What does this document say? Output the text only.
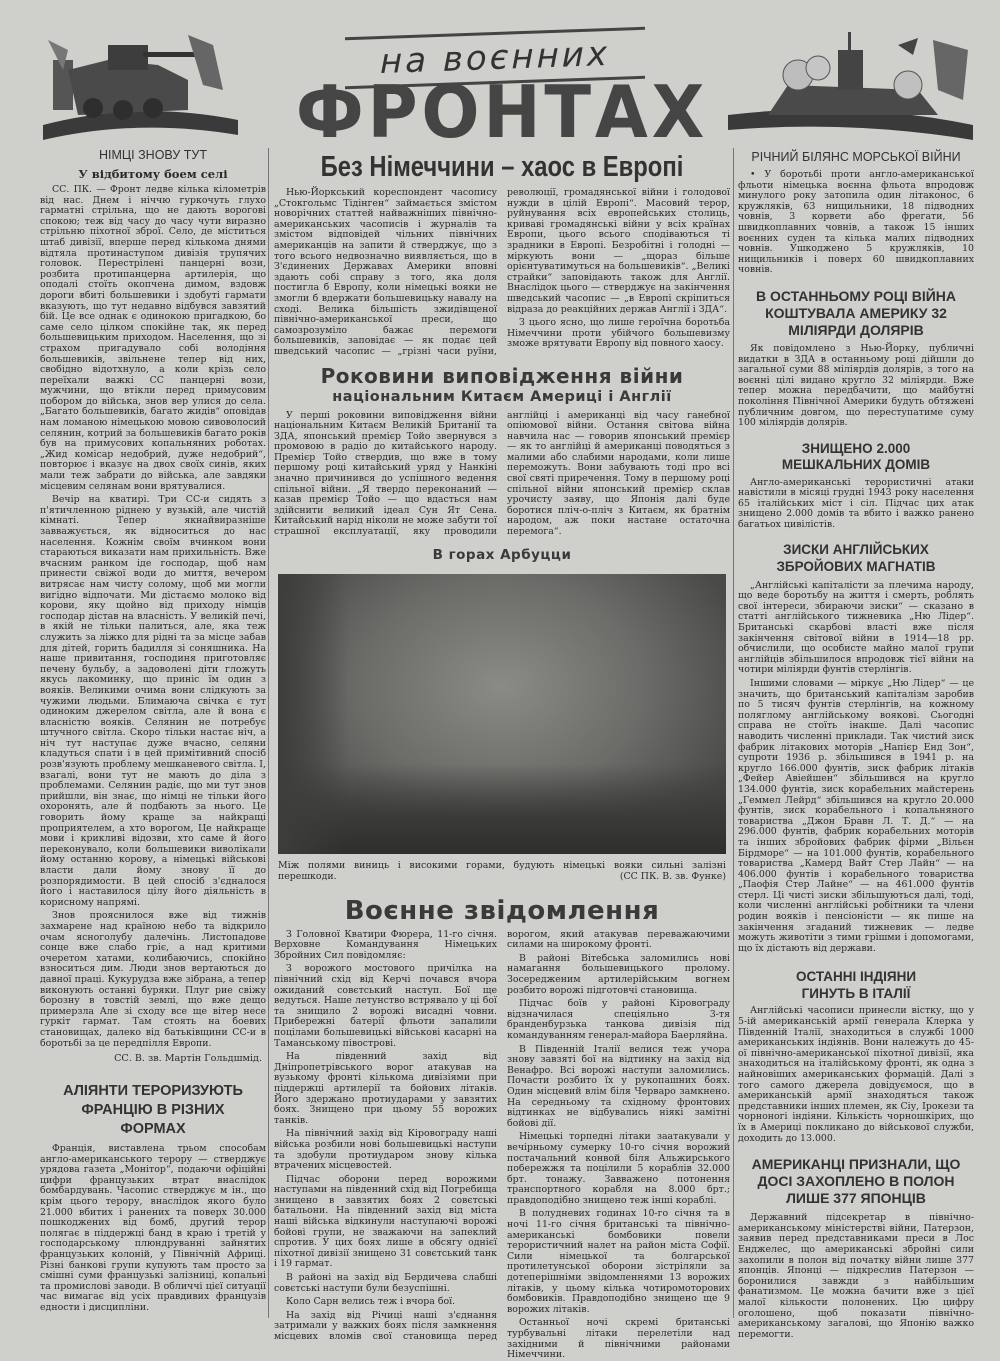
на воєнних
ФРОНТАХ
НІМЦІ ЗНОВУ ТУТ
У відбитому боем селі

СС. ПК. — Фронт ледве кілька кілометрів від нас. Днем і ніччю гуркочуть глухо гарматні стрільна, що не дають ворогові спокою; теж від часу до часу чути виразно стрільню піхотної зброї. Село, де міститься штаб дивізії, вперше перед кількома днями відтяла протинаступом дивізія трупячих головок. Перестрілені панцерні вози, розбита протипанцерна артилерія, що оподалі стоїть окопчена димом, вздовж дороги вбиті большевики і здобуті гармати вказують, що тут недавно відбувся завзятий бій. Це все однак є одинокою пригадкою, бо саме село цілком спокійне так, як перед большевицьким приходом. Населення, що зі страхом пригадувало собі володіння большевиків, звільнене тепер від них, свобідно відотхнуло, а коли крізь село переїхали важкі СС панцерні вози, мужчини, що втікли перед примусовим побором до війська, знов вер улися до села. „Багато большевиків, багато жидів“ оповідав нам ломаною німецькою мовою сивоволосий селянин, котрий за большевиків багато років був на примусових копальняних роботах. „Жид комісар недобрий, дуже недобрий“, повторює і вказує на двох своїх синів, яких мали теж забрати до війська, але завдяки місцевим селянам вони врятувалися.

Вечір на кватирі. Три СС-и сидять з п'ятичленною ріднею у вузькій, але чистій кімнаті. Тепер якнайвиразніше завважується, як відноситься до нас населення. Кожнім своїм вчинком вони стараються виказати нам прихильність. Вже вчасним ранком іде господар, щоб нам принести свіжої води до миття, вечером витрясає нам чисту солому, щоб ми могли вигідно відпочати. Ми дістаємо молоко від корови, яку щойно від приходу німців господар дістав на власність. У великій печі, в якій не тільки палиться, але, яка теж служить за ліжко для рідні та за місце забав для дітей, горить бадилля зі соняшника. На наше привитання, господиня приготовляє печену бульбу, а задоволені діти гложуть якусь лакоминку, що приніс їм один з вояків. Великими очима вони слідкують за чужими людьми. Блимаюча свічка є тут одиноким джерелом світла, але й вона є власністю вояків. Селянин не потребує штучного світла. Скоро тільки настає ніч, а ніч тут наступає дуже вчасно, селяни кладуться спати і в цей примітивний спосіб розв'язують проблему мешканевого світла. І, взагалі, вони тут не мають до діла з проблемами. Селянин радіє, що ми тут знов прийшли, він знає, що німці не тільки його охоронять, але й подбають за нього. Це говорить йому краще за найкращі проприятелем, а хто ворогом, Це найкраще мови і крикливі відозви, хто саме й його переконувало, коли большевики виволікали йому останню корову, а німецькі військові власти дали йому знову її до розпорядимости. В цей спосіб з'єдналося його і наставилося цілу його діяльність в корисному напрямі.

Знов прояснилося вже від тижнів захмарене над країною небо та відкрило очам ясноголубу далечінь. Листопадове сонце вже слабо гріє, а над критими очеретом хатами, колибаючись, спокійно взноситься дим. Люди знов вертаються до давної праці. Кукурудза вже зібрана, а тепер виконують останні буряки. Плуг рие свіжу борозну в товстій землі, що вже дещо примерзла Але зі сходу все ще вітер несе гуркіт гармат. Там стоять на боевих становищах, далеко від батьківщини СС-и в боротьбі за це передпілля Европи.

СС. В. зв. Мартін Гольдшмід.
АЛІЯНТИ ТЕРОРИЗУЮТЬ ФРАНЦІЮ В РІЗНИХ ФОРМАХ

Франція, виставлена трьом способам англо-американського терору — стверджує урядова газета „Монітор“, подаючи офіційні цифри французьких втрат внаслідок бомбардувань. Часопис стверджує м ін., що крім цього терору, внаслідок якого було 21.000 вбитих і ранених та поверх 30.000 пошкоджених від бомб, другий терор полягає в піддержці банд в краю і третій у господарському плюндруванні зайнятих французьких колоній, у Північній Африці. Різні банкові групи купують там просто за смішні суми французькі залізниці, копальні та промислові заводи. В обличчі цієї ситуації час вимагає від усіх правдивих французів едности і дисципліни.

Без Німеччини – хаос в Европі

Нью-Йоркський кореспондент часопису „Стокгольмс Тідінген“ займається змістом новорічних статтей найважніших північно-американських часописів і журналів та змістом відповідей чільних північних американців на запити й стверджує, що з того всього недвозначно виявляється, що в З'єдинених Державах Америки вповні здають собі справу з того, яка доля постигла б Европу, коли німецькі вояки не змогли б вдержати большевицьку навалу на сході. Велика більшість зжидівщеної північно-американської преси, що самозрозуміло бажає перемоги большевиків, заповідає — як подає цей шведський часопис — „грізні часи руїни, революції, громадянської війни і голодової нужди в цілій Европі“. Масовий терор, руйнування всіх европейських столиць, криваві громадянські війни у всіх країнах Европи, цього всього сподіваються ті зрадники в Европі. Безробітні і голодні — міркують вони — „щораз більше орієнтуватимуться на большевиків“. „Великі страйки“ заповідають також для Англії. Внаслідок цього — стверджує на закінчення шведський часопис — „в Европі скріпиться відраза до реакційних держав Англії і ЗДА“.

З цього ясно, що лише героїчна боротьба Німеччини проти убійчого большевизму зможе врятувати Европу від повного хаосу.

Роковини виповідження війни
національним Китаєм Америці і Англії

У перші роковини виповідження війни національним Китаєм Великій Британії та ЗДА, японський премієр Тойо звернувся з промовою в радіо до китайського народу. Премієр Тойо ствердив, що вже в тому першому році китайський уряд у Нанкіні значно причинився до успішного ведення спільної війни. „Я твердо переконаний — казав премієр Тойо — що вдасться нам здійснити великий ідеал Сун Ят Сена. Китайський нарід ніколи не може забути тої страшної експлуатації, яку проводили англійці і американці від часу ганебної опіюмової війни. Остання світова війна навчила нас — говорив японський премієр — як то англійці й американці поводяться з малими або слабими народами, коли лише переможуть. Вони забувають тоді про всі свої святі приречення. Тому в першому році спільної війни японський премієр склав урочисту заяву, що Японія далі буде боротися пліч-о-пліч з Китаєм, як братнім народом, аж поки настане остаточна перемога“.

В горах Арбуцци
Між полями виниць і високими горами, будують німецькі вояки сильні залізні перешкоди.	(СС ПК. В. зв. Функе)
Воєнне звідомлення

З Головної Кватири Фюрера, 11-го січня. Верховне Командування Німецьких Збройних Сил повідомляє:

З ворожого мостового причілка на північний схід від Керчі почався вчора ожиданий совєтський наступ. Бої ще ведуться. Наше летунство встрявало у ці бої та знищило 2 ворожі висадні човни. Прибережні батерії фльоти запалили поцілами большевицькі військові касарні на Таманському півострові.

На південний захід від Дніпропетрівського ворог атакував на вузькому фронті кількома дивізіями при піддержці артилерії та бойових літаків. Його здержано протиударами у завзятих боях. Знищено при цьому 55 ворожих танків.

На північний захід від Кіровограду наші війська розбили нові большевицькі наступи та здобули протиударом знову кілька втрачених місцевостей.

Підчас оборони перед ворожими наступами на південний схід від Погребища знищено в завзятих боях 2 совєтські батальони. На південний захід від міста наші війська відкинули наступаючі ворожі бойові групи, не зважаючи на запеклий спротив. У цих боях лише в обсягу однієї піхотної дивізії знищено 31 совєтський танк і 19 гармат.

В районі на захід від Бердичева слабші совєтські наступи були безуспішні.

Коло Сарн велись теж і вчора бої.

На захід від Річиці наші з'єднання затримали у важких боях після замкнення місцевих вломів свої становища перед ворогом, який атакував переважаючими силами на широкому фронті.

В районі Вітебська заломились нові намагання большевицького пролому. Зосередженим артилерійським вогнем розбито ворожі підготовчі становища.

Підчас боїв у районі Кіровограду відзначилася спеціяльно 3-тя бранденбурзька танкова дивізія під командуванням генерал-майора Баерляйна.

В Південній Італії велися теж учора знову завзяті бої на відтинку на захід від Венафро. Всі ворожі наступи заломились. Почасти розбито їх у рукопашних боях. Один місцевий влім біля Черваро замкнено. На середньому та східному фронтових відтинках не відбувались ніякі замітні бойові дії.

Німецькі торпедні літаки заатакували у вечірньому сумерку 10-го січня ворожий постачальний конвой біля Альжирського побережжя та поцілили 5 кораблів 32.000 брт. тонажу. Завважено потонення транспортного корабля на 8.000 брт.; правдоподібно знищено теж інші кораблі.

В полудневих годинах 10-го січня та в ночі 11-го січня британські та північно-американські бомбовики повели терористичний налет на район міста Софії. Сили німецької та болгарської протилетунської оборони зістріляли за дотеперішніми звідомленнями 13 ворожих літаків, у цьому кілька чотиромоторових бомбовиків. Правдоподібно знищено ще 9 ворожих літаків.

Останньої ночі скремі британські турбувальні літаки перелетіли над західними й північними районами Німеччини.

РІЧНИЙ БІЛЯНС МОРСЬКОЇ ВІЙНИ

• У боротьбі проти англо-американської фльоти німецька воєнна фльота впродовж минулого року затопила один літаконос, 6 кружляків, 63 нищильники, 18 підводних човнів, 3 корвети або фрегати, 56 швидкоплавних човнів, а також 15 інших воєнних суден та кілька малих підводних човнів. Ушкоджено 5 кружляків, 10 нищильників і поверх 60 швидкоплавних човнів.

В ОСТАННЬОМУ РОЦІ ВІЙНА КОШТУВАЛА АМЕРИКУ 32 МІЛІЯРДИ ДОЛЯРІВ

Як повідомлено з Нью-Йорку, публичні видатки в ЗДА в останньому році дійшли до загальної суми 88 міліярдів долярів, з того на воєнні цілі видано кругло 32 міліярди. Вже тепер можна передбачити, що майбутні покоління Північної Америки будуть обтяжені публичним довгом, що переступатиме суму 100 міліярдів долярів.

ЗНИЩЕНО 2.000 МЕШКАЛЬНИХ ДОМІВ

Англо-американські терористичні атаки навістили в місяці грудні 1943 року населення 65 італійських міст і сіл. Підчас цих атак знищено 2.000 домів та вбито і важко ранено багатьох цивілістів.

ЗИСКИ АНГЛІЙСЬКИХ ЗБРОЙОВИХ МАГНАТІВ

„Англійські капіталісти за плечима народу, що веде боротьбу на життя і смерть, роблять свої інтереси, збираючи зиски“ — сказано в статті англійського тижневика „Ню Лідер“. Британські скарбові власті вже після закінчення світової війни в 1914—18 рр. обчислили, що особисте майно малої групи англійців збільшилося впродовж тієї війни на чотири міліярди фунтів стерлінгів.

Іншими словами — міркує „Ню Лідер“ — це значить, що британський капіталізм заробив по 5 тисяч фунтів стерлінгів, на кожному поляглому англійському воякові. Сьогодні справа не стоїть інакше. Далі часопис наводить численні приклади. Так чистий зиск фабрик літакових моторів „Напієр Енд Зон“, супроти 1936 р. збільшився в 1941 р. на кругло 166.000 фунтів, зиск фабрик літаків „Фейер Авіейшен“ збільшився на кругло 134.000 фунтів, зиск корабельних майстерень „Геммел Лейрд“ збільшився на кругло 20.000 фунтів, зиск корабельного і копальняного товариства „Джон Бравн Л. Т. Д.“ — на 296.000 фунтів, фабрик корабельних моторів та інших збройових фабрик фірми „Вільєн Бірдморе“ — на 101.000 фунтів, корабельного товариства „Камерд Вайт Стер Лайн“ — на 406.000 фунтів і корабельного товариства „Паофія Стер Лайне“ — на 461.000 фунтів стерл. Ці чисті зиски збільшуються далі, тоді, коли численні англійські робітники та члени родин вояків і пенсіоністи — як пише на закінчення згаданий тижневик — ледве можуть животіти з тими грішми і допомогами, що їх дістають від держави.

ОСТАННІ ІНДІЯНИ ГИНУТЬ В ІТАЛІЇ

Англійські часописи принесли вістку, що у 5-ій американській армії генерала Клерка у Південній Італії, знаходиться в службі 1000 американських індіянів. Вони належуть до 45-ої північно-американської піхотної дивізії, яка знаходиться на італійському фронті, як одна з найновіших американських формацій. Далі з того самого джерела довідуємося, що в американській армії знаходяться також представники інших племен, як Сіу, Ірокези та чорноногі індіяни. Кількість чорношкірих, що їх в Америці покликано до військової служби, доходить до 13.000.

АМЕРИКАНЦІ ПРИЗНАЛИ, ЩО ДОСІ ЗАХОПЛЕНО В ПОЛОН ЛИШЕ 377 ЯПОНЦІВ

Державний підсекретар в північно-американському міністерстві війни, Патерзон, заявив перед представниками преси в Лос Енджелес, що американські збройні сили захопили в полон від початку війни лише 377 японців. Японці — підкреслив Патерзон — боронилися завжди з найбільшим фанатизмом. Це можна бачити вже з цієї малої кількости полонених. Цю цифру оголошено, щоб показати північно-американському загалові, що Японію важко перемогти.
